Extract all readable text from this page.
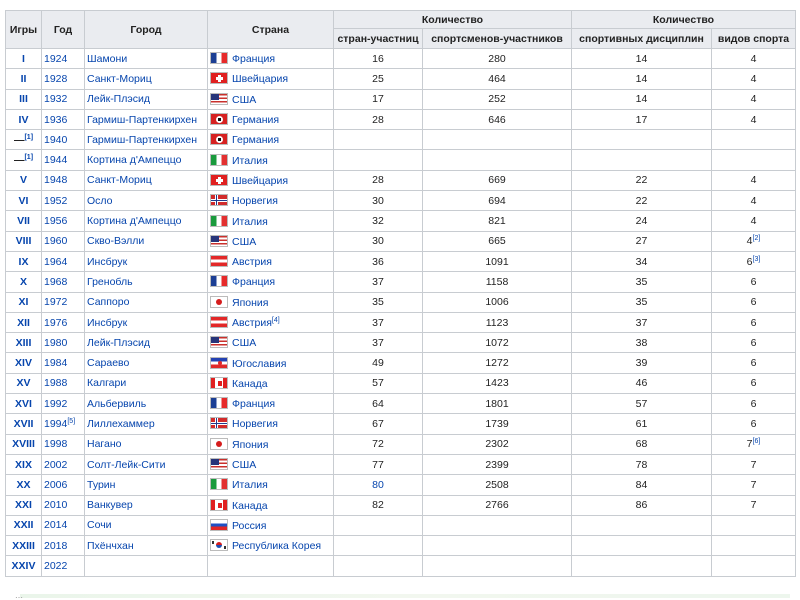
Игры	Год	Город	Страна	Количество		Количество	
				стран-участниц	спортсменов-участников	спортивных дисциплин	видов спорта
I	1924	Шамони	Франция	16	280	14	4
II	1928	Санкт-Мориц	Швейцария	25	464	14	4
III	1932	Лейк-Плэсид	США	17	252	14	4
IV	1936	Гармиш-Партенкирхен	Германия	28	646	17	4
—[1]	1940	Гармиш-Партенкирхен	Германия				
—[1]	1944	Кортина д'Ампеццо	Италия				
V	1948	Санкт-Мориц	Швейцария	28	669	22	4
VI	1952	Осло	Норвегия	30	694	22	4
VII	1956	Кортина д'Ампеццо	Италия	32	821	24	4
VIII	1960	Скво-Вэлли	США	30	665	27	4[2]
IX	1964	Инсбрук	Австрия	36	1091	34	6[3]
X	1968	Гренобль	Франция	37	1158	35	6
XI	1972	Саппоро	Япония	35	1006	35	6
XII	1976	Инсбрук	Австрия[4]	37	1123	37	6
XIII	1980	Лейк-Плэсид	США	37	1072	38	6
XIV	1984	Сараево	Югославия	49	1272	39	6
XV	1988	Калгари	Канада	57	1423	46	6
XVI	1992	Альбервиль	Франция	64	1801	57	6
XVII	1994[5]	Лиллехаммер	Норвегия	67	1739	61	6
XVIII	1998	Нагано	Япония	72	2302	68	7[6]
XIX	2002	Солт-Лейк-Сити	США	77	2399	78	7
XX	2006	Турин	Италия	80	2508	84	7
XXI	2010	Ванкувер	Канада	82	2766	86	7
XXII	2014	Сочи	Россия				
XXIII	2018	Пхёнчхан	Республика Корея				
XXIV	2022						
…
